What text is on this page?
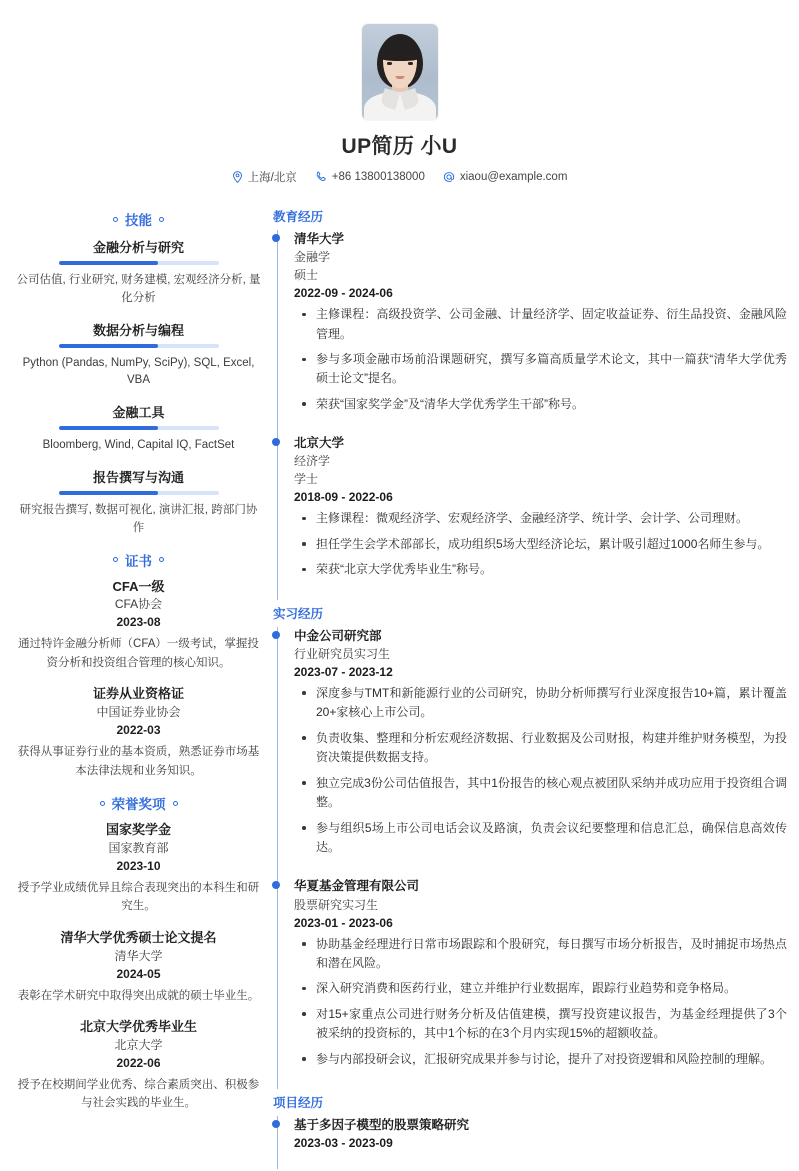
UP简历 小U
上海/北京	+86 13800138000	xiaou@example.com
技能
金融分析与研究
公司估值, 行业研究, 财务建模, 宏观经济分析, 量化分析
数据分析与编程
Python (Pandas, NumPy, SciPy), SQL, Excel, VBA
金融工具
Bloomberg, Wind, Capital IQ, FactSet
报告撰写与沟通
研究报告撰写, 数据可视化, 演讲汇报, 跨部门协作
证书
CFA一级
CFA协会
2023-08
通过特许金融分析师（CFA）一级考试，掌握投资分析和投资组合管理的核心知识。
证券从业资格证
中国证券业协会
2022-03
获得从事证券行业的基本资质，熟悉证券市场基本法律法规和业务知识。
荣誉奖项
国家奖学金
国家教育部
2023-10
授予学业成绩优异且综合表现突出的本科生和研究生。
清华大学优秀硕士论文提名
清华大学
2024-05
表彰在学术研究中取得突出成就的硕士毕业生。
北京大学优秀毕业生
北京大学
2022-06
授予在校期间学业优秀、综合素质突出、积极参与社会实践的毕业生。
教育经历
清华大学
金融学
硕士
2022-09 - 2024-06
主修课程：高级投资学、公司金融、计量经济学、固定收益证券、衍生品投资、金融风险管理。
参与多项金融市场前沿课题研究，撰写多篇高质量学术论文，其中一篇获“清华大学优秀硕士论文”提名。
荣获“国家奖学金”及“清华大学优秀学生干部”称号。
北京大学
经济学
学士
2018-09 - 2022-06
主修课程：微观经济学、宏观经济学、金融经济学、统计学、会计学、公司理财。
担任学生会学术部部长，成功组织5场大型经济论坛，累计吸引超过1000名师生参与。
荣获“北京大学优秀毕业生”称号。
实习经历
中金公司研究部
行业研究员实习生
2023-07 - 2023-12
深度参与TMT和新能源行业的公司研究，协助分析师撰写行业深度报告10+篇，累计覆盖20+家核心上市公司。
负责收集、整理和分析宏观经济数据、行业数据及公司财报，构建并维护财务模型，为投资决策提供数据支持。
独立完成3份公司估值报告，其中1份报告的核心观点被团队采纳并成功应用于投资组合调整。
参与组织5场上市公司电话会议及路演，负责会议纪要整理和信息汇总，确保信息高效传达。
华夏基金管理有限公司
股票研究实习生
2023-01 - 2023-06
协助基金经理进行日常市场跟踪和个股研究，每日撰写市场分析报告，及时捕捉市场热点和潜在风险。
深入研究消费和医药行业，建立并维护行业数据库，跟踪行业趋势和竞争格局。
对15+家重点公司进行财务分析及估值建模，撰写投资建议报告，为基金经理提供了3个被采纳的投资标的，其中1个标的在3个月内实现15%的超额收益。
参与内部投研会议，汇报研究成果并参与讨论，提升了对投资逻辑和风险控制的理解。
项目经历
基于多因子模型的股票策略研究
2023-03 - 2023-09
